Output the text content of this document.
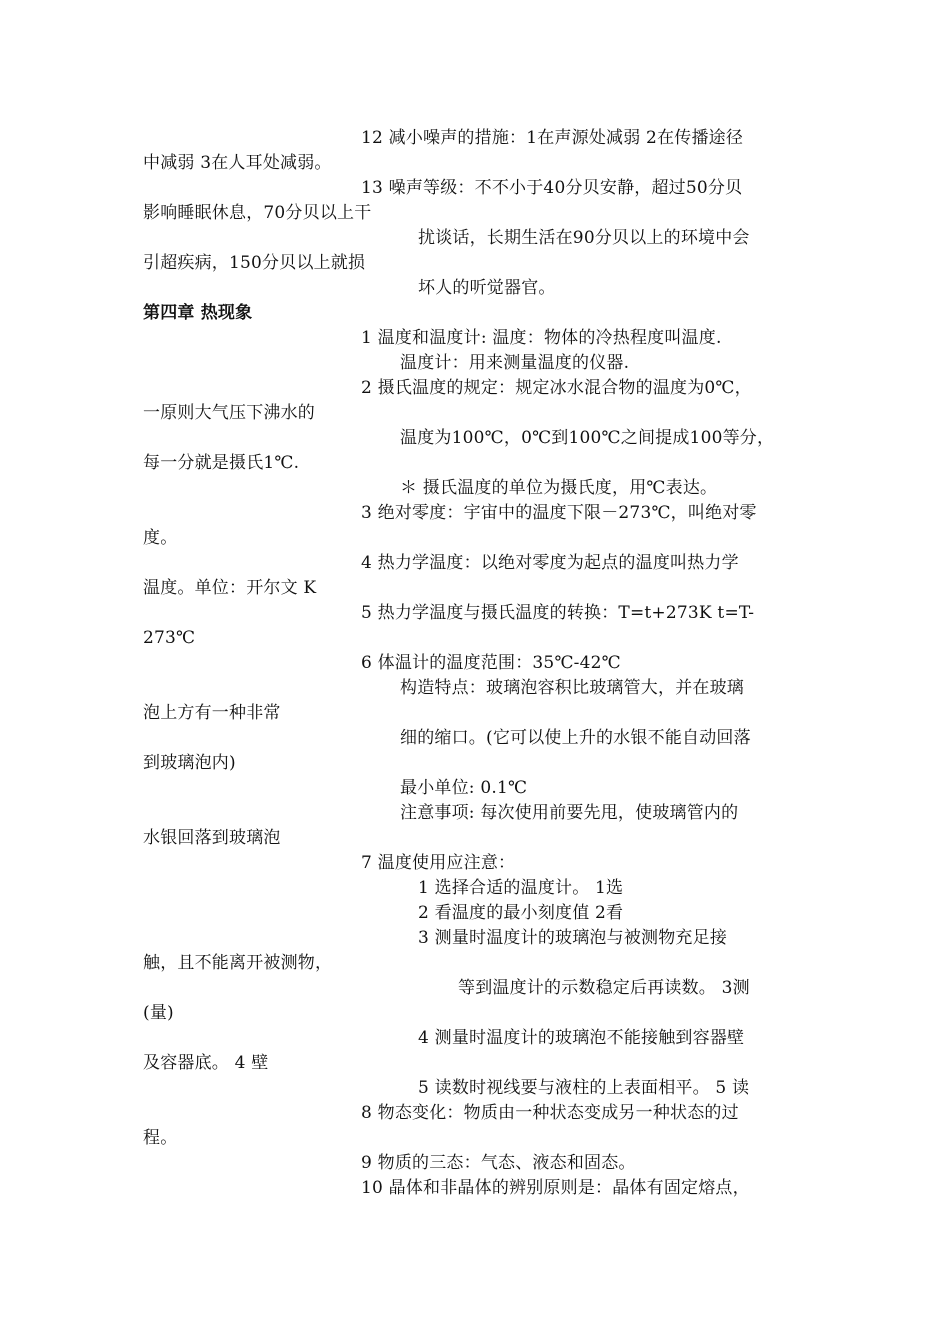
12 减小噪声的措施：1在声源处减弱 2在传播途径
中减弱 3在人耳处减弱。
13 噪声等级：不不小于40分贝安静，超过50分贝
影响睡眠休息，70分贝以上干
扰谈话，长期生活在90分贝以上的环境中会
引超疾病，150分贝以上就损
坏人的听觉器官。
第四章 热现象
1 温度和温度计: 温度：物体的冷热程度叫温度.
温度计：用来测量温度的仪器.
2 摄氏温度的规定：规定冰水混合物的温度为0℃，
一原则大气压下沸水的
温度为100℃，0℃到100℃之间提成100等分，
每一分就是摄氏1℃.
＊ 摄氏温度的单位为摄氏度，用℃表达。
3 绝对零度：宇宙中的温度下限－273℃，叫绝对零
度。
4 热力学温度：以绝对零度为起点的温度叫热力学
温度。单位：开尔文 K
5 热力学温度与摄氏温度的转换：T=t+273K t=T-
273℃
6 体温计的温度范围：35℃-42℃
构造特点：玻璃泡容积比玻璃管大，并在玻璃
泡上方有一种非常
细的缩口。(它可以使上升的水银不能自动回落
到玻璃泡内)
最小单位: 0.1℃
注意事项: 每次使用前要先甩，使玻璃管内的
水银回落到玻璃泡
7 温度使用应注意：
1 选择合适的温度计。 1选
2 看温度的最小刻度值 2看
3 测量时温度计的玻璃泡与被测物充足接
触，且不能离开被测物，
等到温度计的示数稳定后再读数。 3测
(量)
4 测量时温度计的玻璃泡不能接触到容器壁
及容器底。 4 壁
5 读数时视线要与液柱的上表面相平。 5 读
8 物态变化：物质由一种状态变成另一种状态的过
程。
9 物质的三态：气态、液态和固态。
10 晶体和非晶体的辨别原则是：晶体有固定熔点，
